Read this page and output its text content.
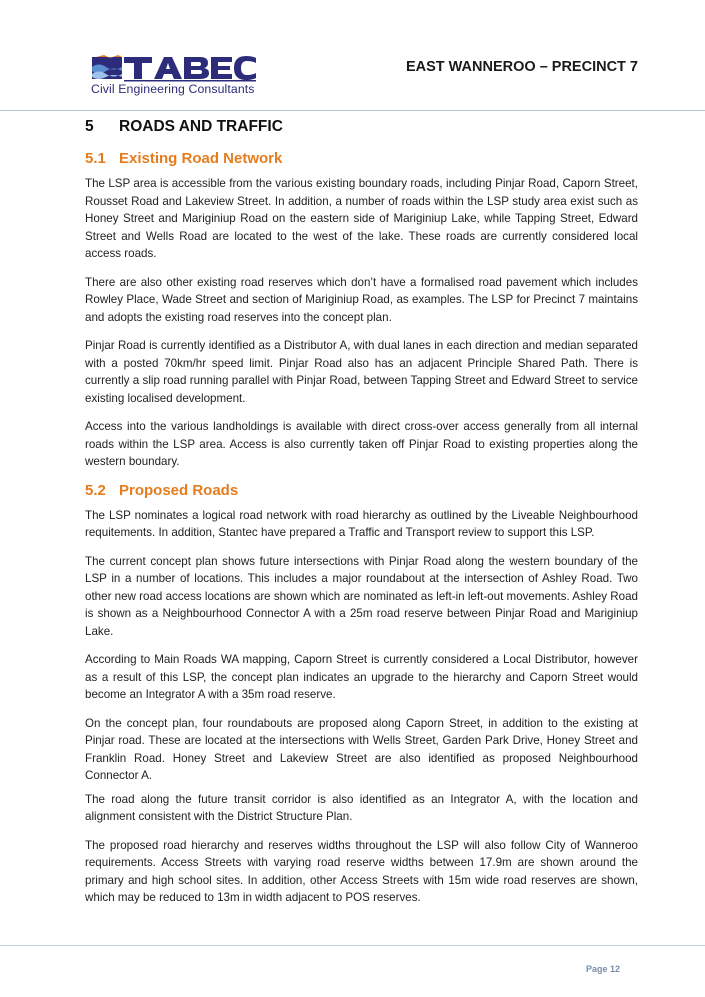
Civil Engineering Consultants
EAST WANNEROO – PRECINCT 7
5 ROADS AND TRAFFIC
5.1 Existing Road Network

The LSP area is accessible from the various existing boundary roads, including Pinjar Road, Caporn Street, Rousset Road and Lakeview Street. In addition, a number of roads within the LSP study area exist such as Honey Street and Mariginiup Road on the eastern side of Mariginiup Lake, while Tapping Street, Edward Street and Wells Road are located to the west of the lake. These roads are currently considered local access roads.

There are also other existing road reserves which don’t have a formalised road pavement which includes Rowley Place, Wade Street and section of Mariginiup Road, as examples. The LSP for Precinct 7 maintains and adopts the existing road reserves into the concept plan.

Pinjar Road is currently identified as a Distributor A, with dual lanes in each direction and median separated with a posted 70km/hr speed limit. Pinjar Road also has an adjacent Principle Shared Path. There is currently a slip road running parallel with Pinjar Road, between Tapping Street and Edward Street to service existing localised development.

Access into the various landholdings is available with direct cross-over access generally from all internal roads within the LSP area. Access is also currently taken off Pinjar Road to existing properties along the western boundary.

5.2 Proposed Roads

The LSP nominates a logical road network with road hierarchy as outlined by the Liveable Neighbourhood requitements. In addition, Stantec have prepared a Traffic and Transport review to support this LSP.

The current concept plan shows future intersections with Pinjar Road along the western boundary of the LSP in a number of locations. This includes a major roundabout at the intersection of Ashley Road. Two other new road access locations are shown which are nominated as left-in left-out movements. Ashley Road is shown as a Neighbourhood Connector A with a 25m road reserve between Pinjar Road and Mariginiup Lake.

According to Main Roads WA mapping, Caporn Street is currently considered a Local Distributor, however as a result of this LSP, the concept plan indicates an upgrade to the hierarchy and Caporn Street would become an Integrator A with a 35m road reserve.

On the concept plan, four roundabouts are proposed along Caporn Street, in addition to the existing at Pinjar road. These are located at the intersections with Wells Street, Garden Park Drive, Honey Street and Franklin Road. Honey Street and Lakeview Street are also identified as proposed Neighbourhood Connector A.

The road along the future transit corridor is also identified as an Integrator A, with the location and alignment consistent with the District Structure Plan.

The proposed road hierarchy and reserves widths throughout the LSP will also follow City of Wanneroo requirements. Access Streets with varying road reserve widths between 17.9m are shown around the primary and high school sites. In addition, other Access Streets with 15m wide road reserves are shown, which may be reduced to 13m in width adjacent to POS reserves.

Page 12
